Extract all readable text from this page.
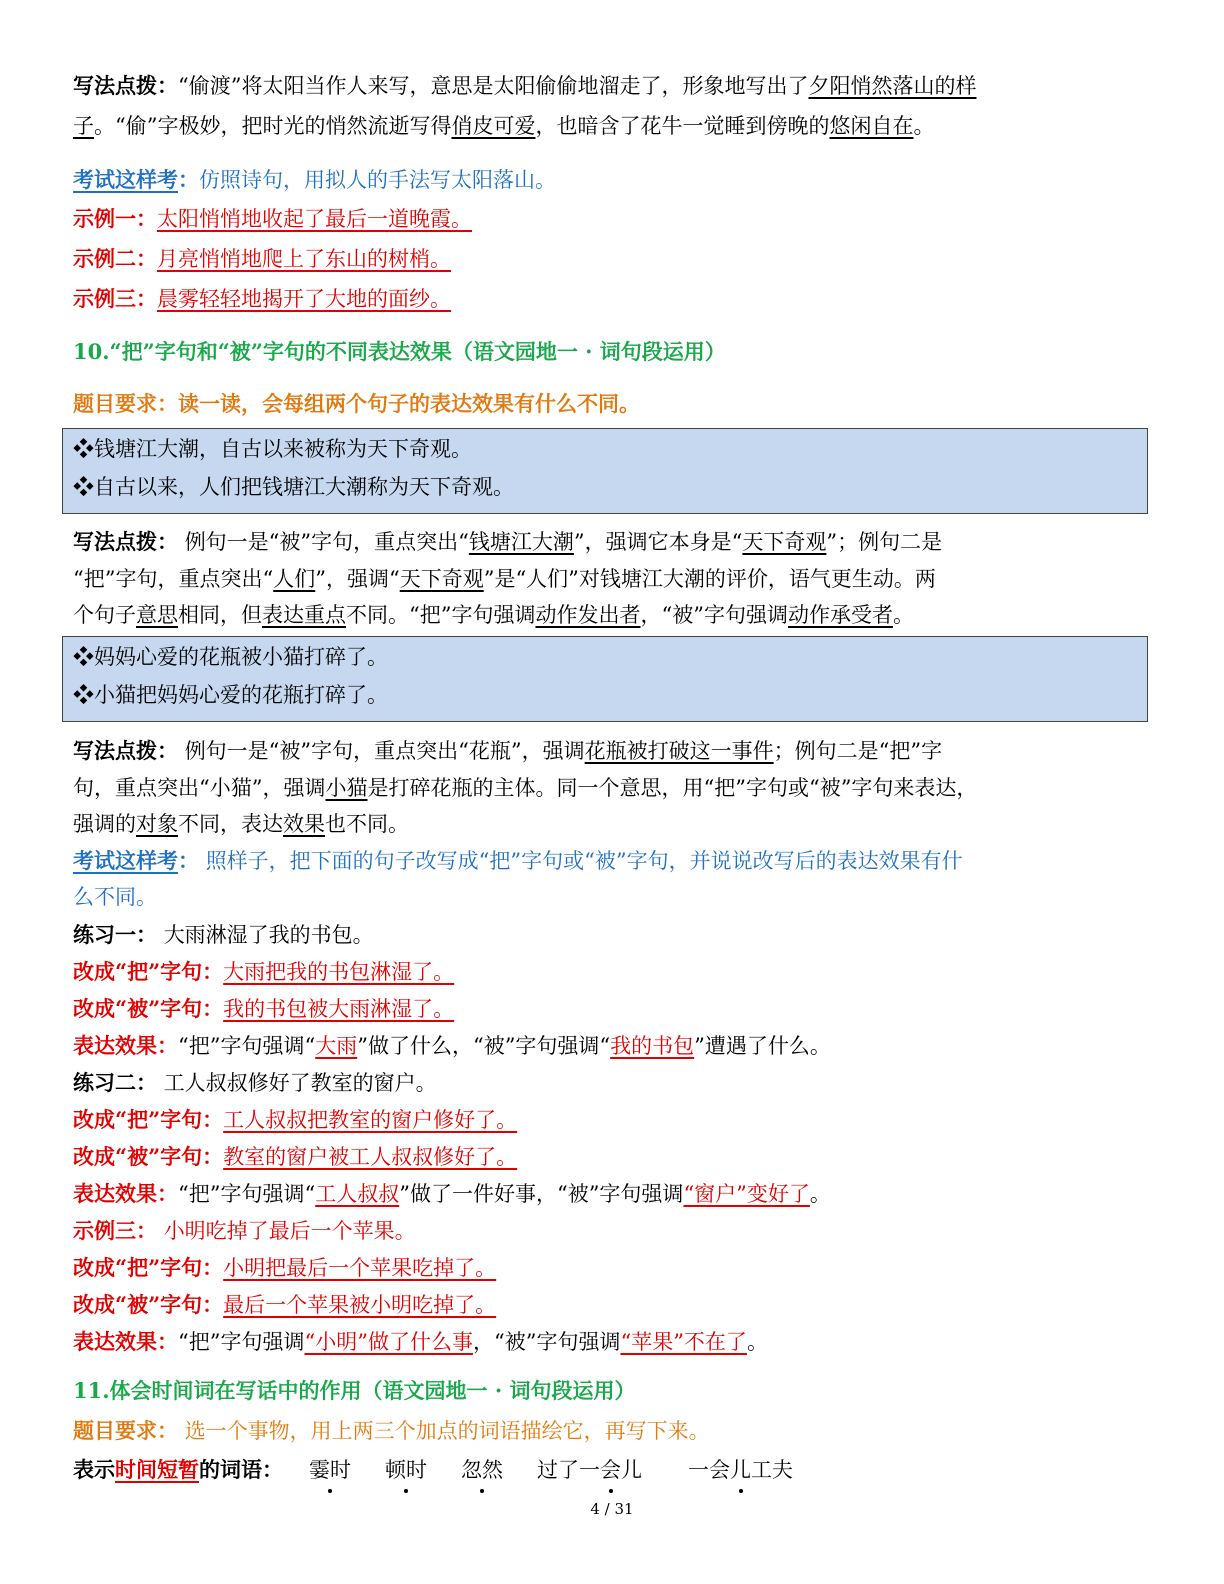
写法点拨：“偷渡”将太阳当作人来写，意思是太阳偷偷地溜走了，形象地写出了夕阳悄然落山的样
子。“偷”字极妙，把时光的悄然流逝写得俏皮可爱，也暗含了花牛一觉睡到傍晚的悠闲自在。
考试这样考：仿照诗句，用拟人的手法写太阳落山。
示例一：太阳悄悄地收起了最后一道晚霞。
示例二：月亮悄悄地爬上了东山的树梢。
示例三：晨雾轻轻地揭开了大地的面纱。
10.“把”字句和“被”字句的不同表达效果（语文园地一 · 词句段运用）
题目要求：读一读，会每组两个句子的表达效果有什么不同。
❖钱塘江大潮，自古以来被称为天下奇观。
❖自古以来，人们把钱塘江大潮称为天下奇观。
写法点拨： 例句一是“被”字句，重点突出“钱塘江大潮”，强调它本身是“天下奇观”；例句二是
“把”字句，重点突出“人们”，强调“天下奇观”是“人们”对钱塘江大潮的评价，语气更生动。两
个句子意思相同，但表达重点不同。“把”字句强调动作发出者，“被”字句强调动作承受者。
❖妈妈心爱的花瓶被小猫打碎了。
❖小猫把妈妈心爱的花瓶打碎了。
写法点拨： 例句一是“被”字句，重点突出“花瓶”，强调花瓶被打破这一事件；例句二是“把”字
句，重点突出“小猫”，强调小猫是打碎花瓶的主体。同一个意思，用“把”字句或“被”字句来表达，
强调的对象不同，表达效果也不同。
考试这样考： 照样子，把下面的句子改写成“把”字句或“被”字句，并说说改写后的表达效果有什
么不同。
练习一： 大雨淋湿了我的书包。
改成“把”字句：大雨把我的书包淋湿了。
改成“被”字句：我的书包被大雨淋湿了。
表达效果：“把”字句强调“大雨”做了什么，“被”字句强调“我的书包”遭遇了什么。
练习二： 工人叔叔修好了教室的窗户。
改成“把”字句：工人叔叔把教室的窗户修好了。
改成“被”字句：教室的窗户被工人叔叔修好了。
表达效果：“把”字句强调“工人叔叔”做了一件好事，“被”字句强调“窗户”变好了。
示例三： 小明吃掉了最后一个苹果。
改成“把”字句：小明把最后一个苹果吃掉了。
改成“被”字句：最后一个苹果被小明吃掉了。
表达效果：“把”字句强调“小明”做了什么事，“被”字句强调“苹果”不在了。
11.体会时间词在写话中的作用（语文园地一 · 词句段运用）
题目要求： 选一个事物，用上两三个加点的词语描绘它，再写下来。
表示时间短暂的词语： 霎时 顿时 忽然 过了一会儿 一会儿工夫
4 / 31
